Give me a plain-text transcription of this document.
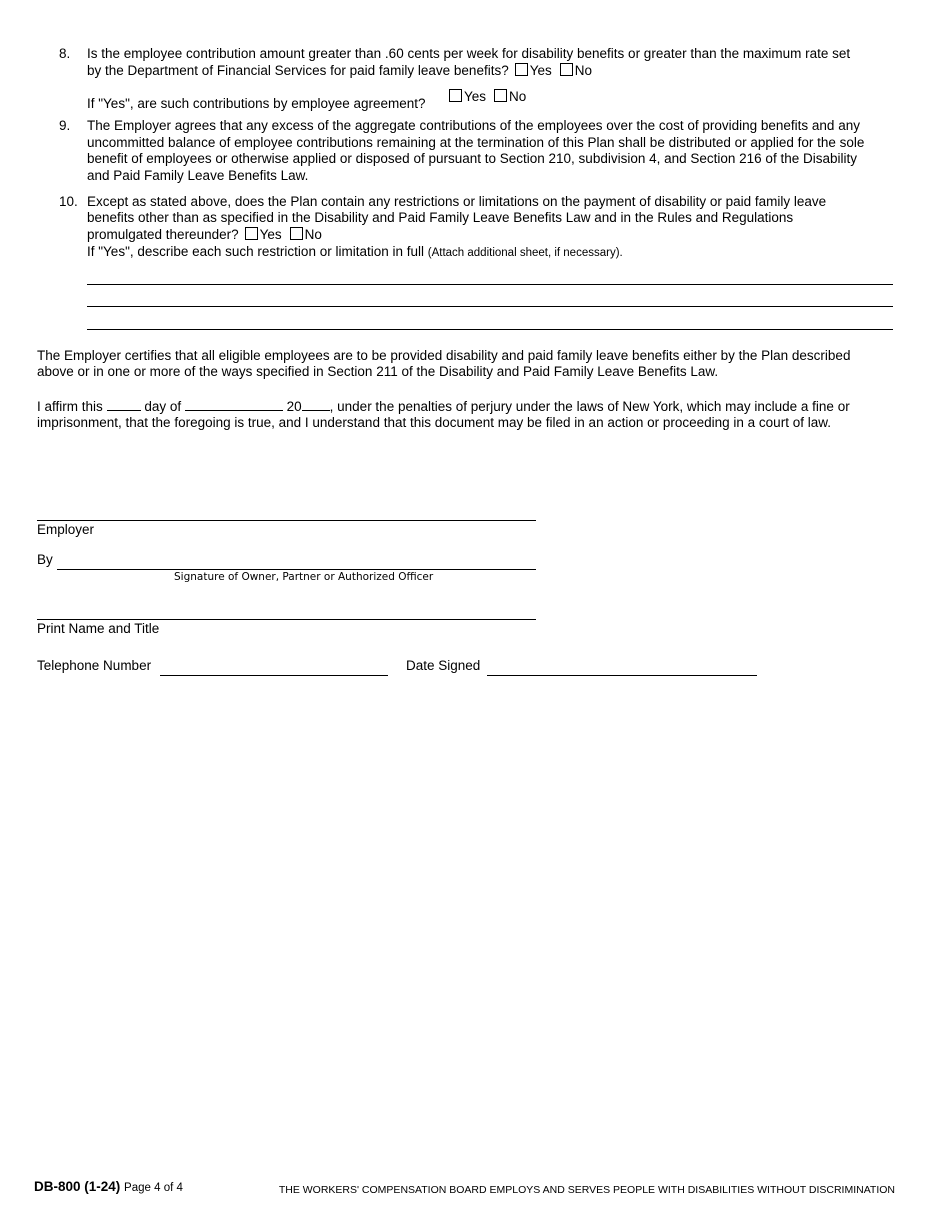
8.	Is the employee contribution amount greater than .60 cents per week for disability benefits or greater than the maximum rate set
by the Department of Financial Services for paid family leave benefits? Yes No
If "Yes", are such contributions by employee agreement?	Yes No
9.	The Employer agrees that any excess of the aggregate contributions of the employees over the cost of providing benefits and any
uncommitted balance of employee contributions remaining at the termination of this Plan shall be distributed or applied for the sole
benefit of employees or otherwise applied or disposed of pursuant to Section 210, subdivision 4, and Section 216 of the Disability
and Paid Family Leave Benefits Law.
10. Except as stated above, does the Plan contain any restrictions or limitations on the payment of disability or paid family leave
benefits other than as specified in the Disability and Paid Family Leave Benefits Law and in the Rules and Regulations
promulgated thereunder? Yes No
If "Yes", describe each such restriction or limitation in full (Attach additional sheet, if necessary).
The Employer certifies that all eligible employees are to be provided disability and paid family leave benefits either by the Plan described
above or in one or more of the ways specified in Section 211 of the Disability and Paid Family Leave Benefits Law.
I affirm this	day of	20 , under the penalties of perjury under the laws of New York, which may include a fine or
imprisonment, that the foregoing is true, and I understand that this document may be filed in an action or proceeding in a court of law.
Employer
By
Signature of Owner, Partner or Authorized Officer
Print Name and Title
Telephone Number	Date Signed
DB-800 (1-24) Page 4 of 4	THE WORKERS' COMPENSATION BOARD EMPLOYS AND SERVES PEOPLE WITH DISABILITIES WITHOUT DISCRIMINATION
